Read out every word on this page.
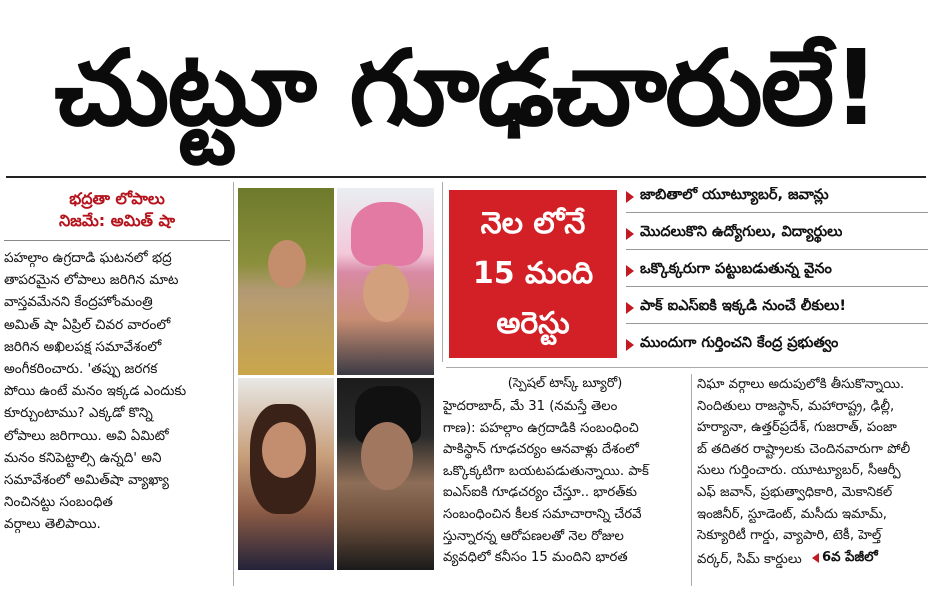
చుట్టూ గూఢచారులే!
భద్రతా లోపాలు
నిజమే: అమిత్ షా

పహల్గాం ఉగ్రదాడి ఘటనలో భద్ర

తాపరమైన లోపాలు జరిగిన మాట

వాస్తవమేనని కేంద్రహోంమంత్రి

అమిత్ షా ఏప్రిల్ చివర వారంలో

జరిగిన అఖిలపక్ష సమావేశంలో

అంగీకరించారు. 'తప్పు జరగక

పోయి ఉంటే మనం ఇక్కడ ఎందుకు

కూర్చుంటాము? ఎక్కడో కొన్ని

లోపాలు జరిగాయి. అవి ఏమిటో

మనం కనిపెట్టాల్సి ఉన్నది' అని

సమావేశంలో అమిత్‌షా వ్యాఖ్యా

నించినట్టు సంబంధిత

వర్గాలు తెలిపాయి.

నెల లోనే
15 మంది
అరెస్టు
జాబితాలో యూట్యూబర్, జవాన్లు
మొదలుకొని ఉద్యోగులు, విద్యార్థులు
ఒక్కొక్కరుగా పట్టుబడుతున్న వైనం
పాక్ ఐఎస్ఐకి ఇక్కడి నుంచే లీకులు!
ముందుగా గుర్తించని కేంద్ర ప్రభుత్వం
(స్పెషల్ టాస్క్ బ్యూరో)

హైదరాబాద్, మే 31 (నమస్తే తెలం

గాణ): పహల్గాం ఉగ్రదాడికి సంబంధించి

పాకిస్థాన్ గూఢచర్యం ఆనవాళ్లు దేశంలో

ఒక్కొక్కటిగా బయటపడుతున్నాయి. పాక్

ఐఎస్ఐకి గూఢచర్యం చేస్తూ.. భారత్‌కు

సంబంధించిన కీలక సమాచారాన్ని చేరవే

స్తున్నారన్న ఆరోపణలతో నెల రోజుల

వ్యవధిలో కనీసం 15 మందిని భారత

నిఘా వర్గాలు అదుపులోకి తీసుకొన్నాయి.

నిందితులు రాజస్థాన్, మహారాష్ట్ర, ఢిల్లీ,

హర్యానా, ఉత్తర్‌ప్రదేశ్, గుజరాత్, పంజా

బ్ తదితర రాష్ట్రాలకు చెందినవారుగా పోలీ

సులు గుర్తించారు. యూట్యూబర్, సీఆర్పీ

ఎఫ్ జవాన్, ప్రభుత్వాధికారి, మెకానికల్

ఇంజినీర్, స్టూడెంట్, మసీదు ఇమామ్,

సెక్యూరిటీ గార్డు, వ్యాపారి, టెకీ, హెల్త్

వర్కర్, సిమ్ కార్డులు 6వ పేజీలో
